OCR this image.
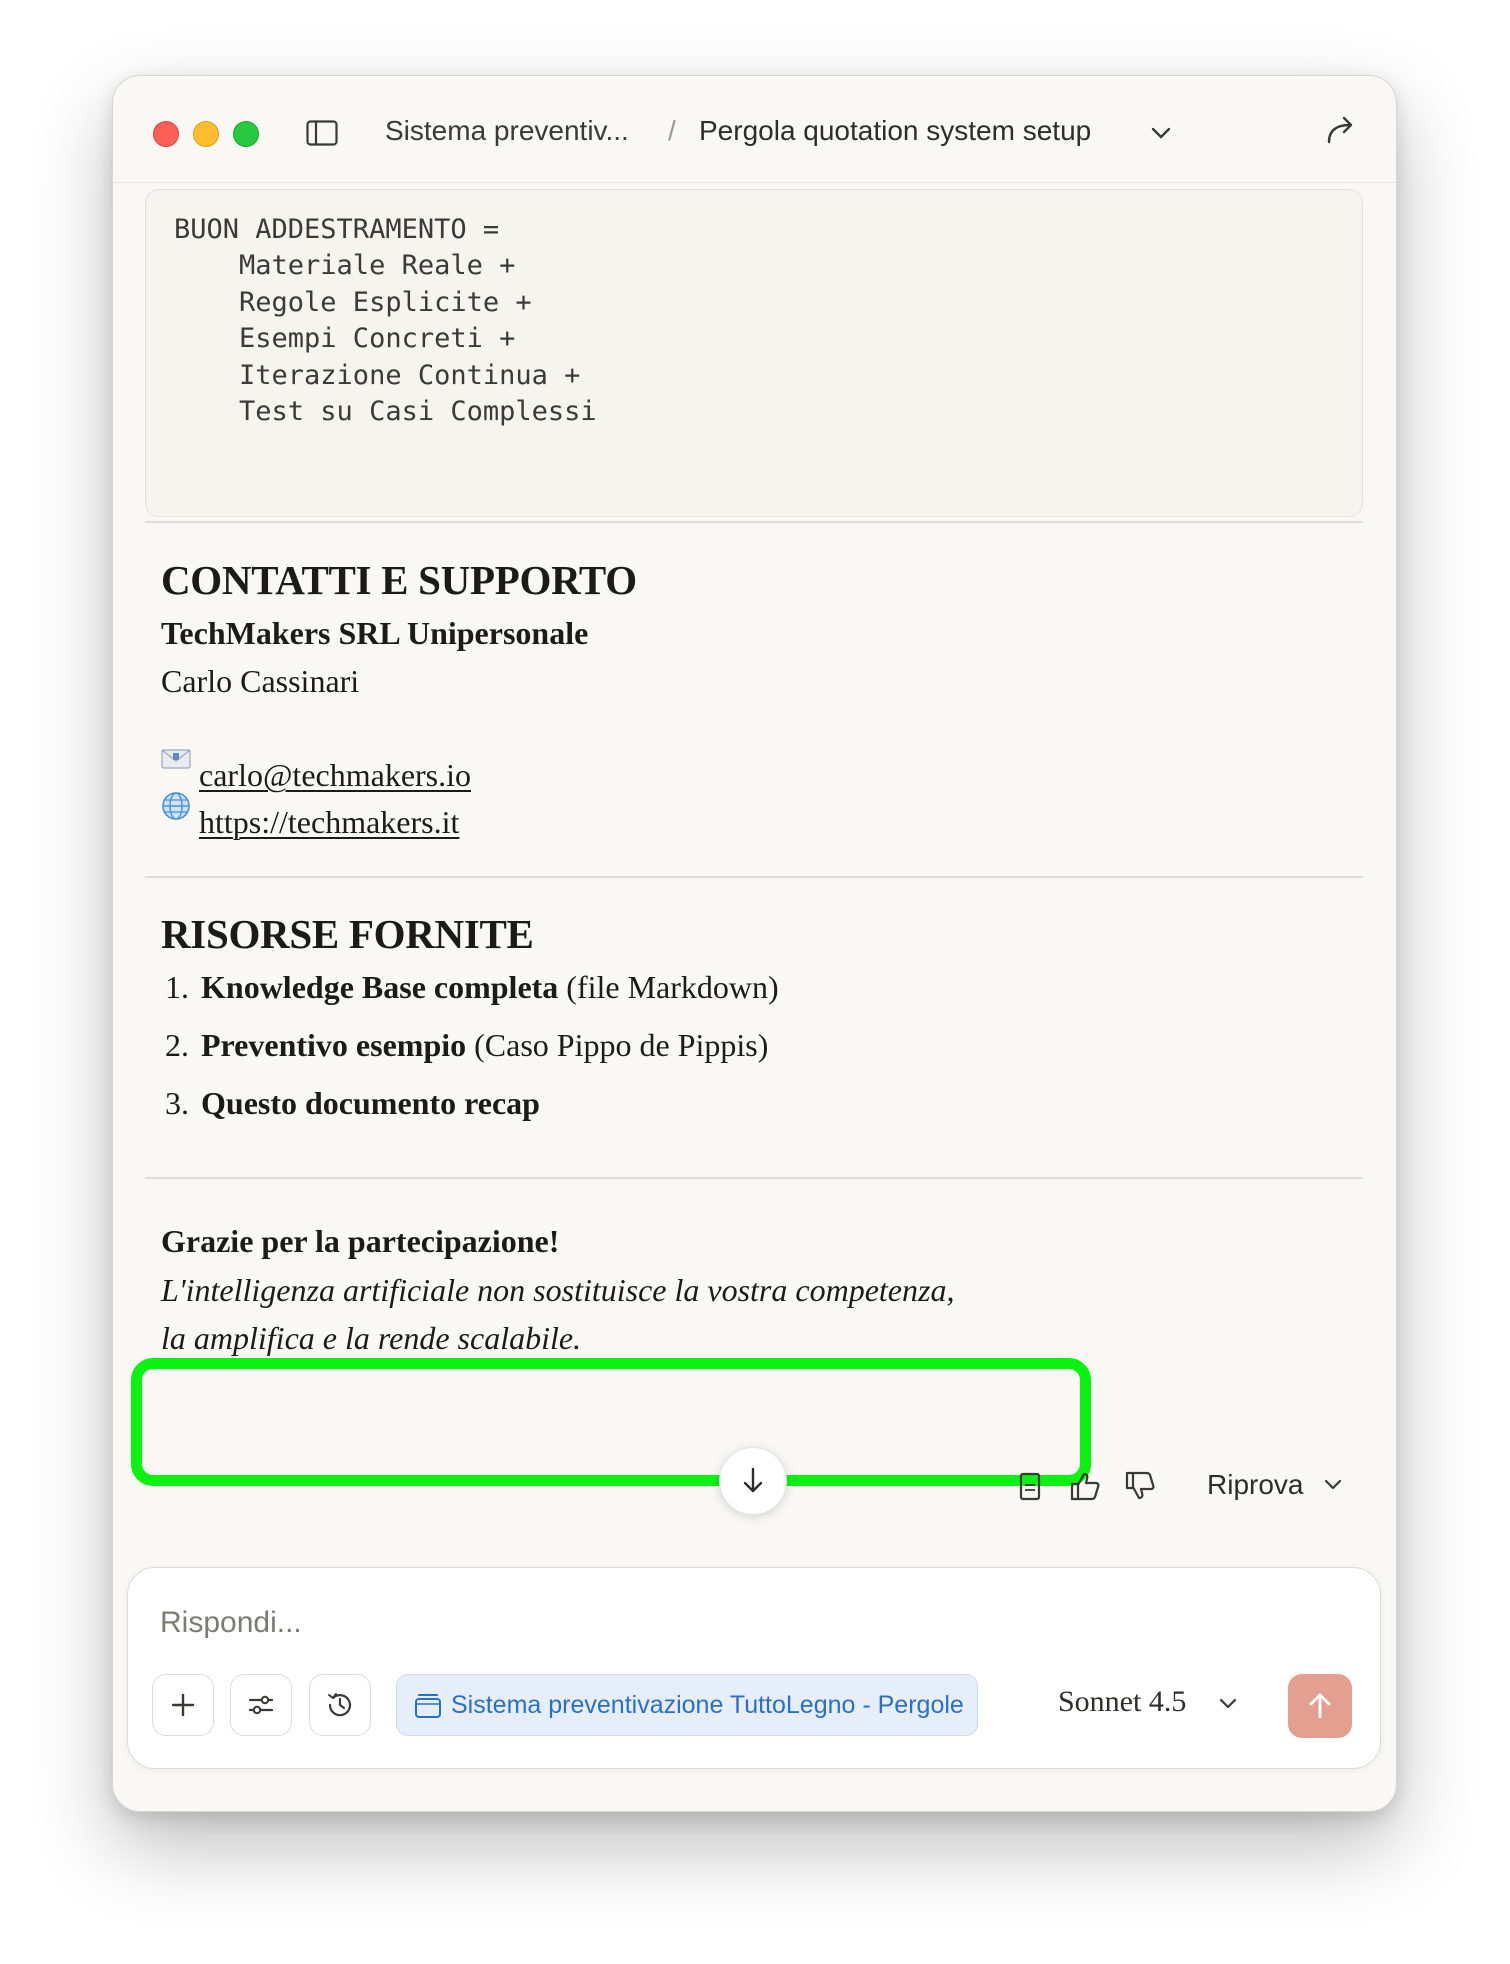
Sistema preventiv... / Pergola quotation system setup
BUON ADDESTRAMENTO =
Materiale Reale +
Regole Esplicite +
Esempi Concreti +
Iterazione Continua +
Test su Casi Complessi
CONTATTI E SUPPORTO
TechMakers SRL Unipersonale
Carlo Cassinari
carlo@techmakers.io
https://techmakers.it
RISORSE FORNITE
1. Knowledge Base completa (file Markdown)
2. Preventivo esempio (Caso Pippo de Pippis)
3. Questo documento recap
Grazie per la partecipazione!
L'intelligenza artificiale non sostituisce la vostra competenza,
la amplifica e la rende scalabile.
Riprova
Rispondi...
Sistema preventivazione TuttoLegno - Pergole	Sonnet 4.5
